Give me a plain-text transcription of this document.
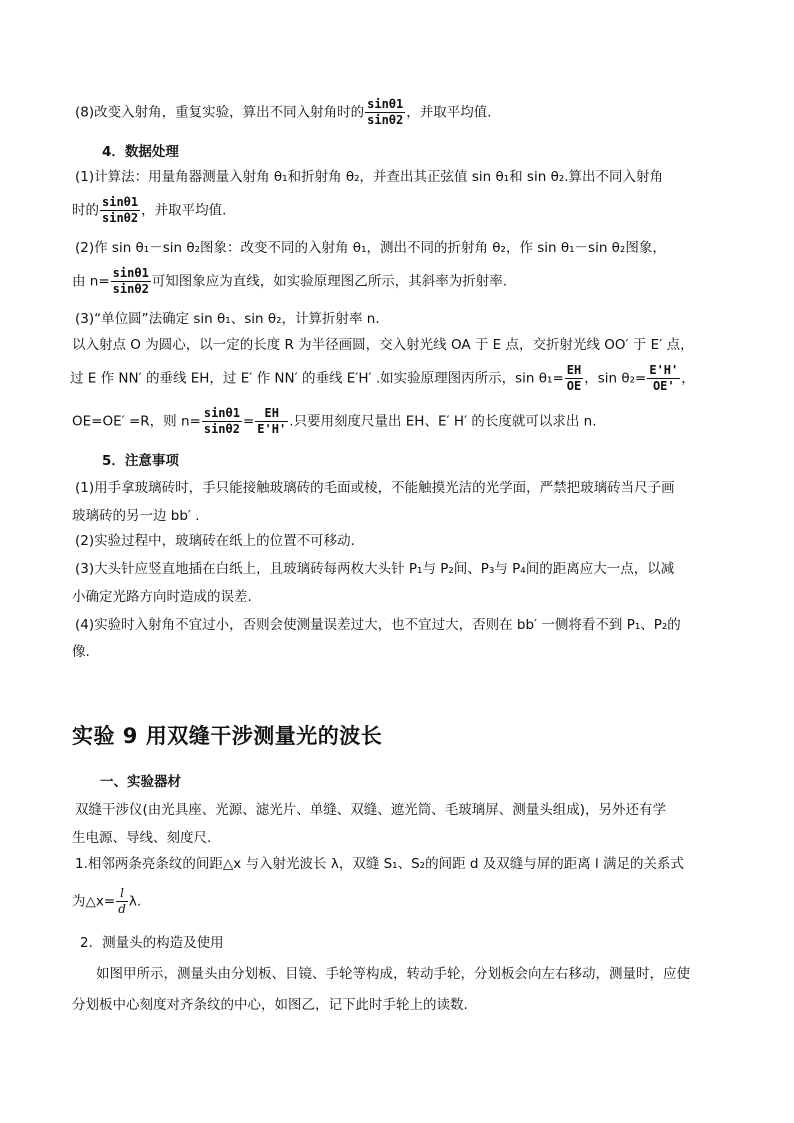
(8)改变入射角，重复实验，算出不同入射角时的 $\frac{\sin\theta 1}{\sin\theta 2}$ ，并取平均值.
4．数据处理
(1)计算法：用量角器测量入射角 θ₁和折射角 θ₂，并查出其正弦值 sin θ₁和 sin θ₂.算出不同入射角
时的 $\frac{\sin\theta 1}{\sin\theta 2}$ ，并取平均值.
(2)作 sin θ₁－sin θ₂图象：改变不同的入射角 θ₁，测出不同的折射角 θ₂，作 sin θ₁－sin θ₂图象，
由 $n= \frac{\sin\theta 1}{\sin\theta 2}$ 可知图象应为直线，如实验原理图乙所示，其斜率为折射率.
(3)“单位圆”法确定 sin θ₁、sin θ₂，计算折射率 n.
以入射点 O 为圆心，以一定的长度 R 为半径画圆，交入射光线 OA 于 E 点，交折射光线 OO′ 于 E′ 点，
过 E 作 NN′ 的垂线 EH，过 E′ 作 NN′ 的垂线 E′H′ .如实验原理图丙所示，$\sin \theta_1= \frac{EH}{OE}$ ，$\sin \theta_2= \frac{E'H'}{OE'}$ ，
OE=OE′ =R，则 $n= \frac{\sin\theta 1}{\sin\theta 2} = \frac{EH}{E'H'}$ .只要用刻度尺量出 EH、E′ H′ 的长度就可以求出 n.
5．注意事项
(1)用手拿玻璃砖时，手只能接触玻璃砖的毛面或棱，不能触摸光洁的光学面，严禁把玻璃砖当尺子画
玻璃砖的另一边 bb′ .
(2)实验过程中，玻璃砖在纸上的位置不可移动.
(3)大头针应竖直地插在白纸上，且玻璃砖每两枚大头针 P₁与 P₂间、P₃与 P₄间的距离应大一点，以减
小确定光路方向时造成的误差.
(4)实验时入射角不宜过小，否则会使测量误差过大，也不宜过大，否则在 bb′ 一侧将看不到 P₁、P₂的
像.
实验 9 用双缝干涉测量光的波长
一、实验器材
双缝干涉仪(由光具座、光源、滤光片、单缝、双缝、遮光筒、毛玻璃屏、测量头组成)，另外还有学
生电源、导线、刻度尺.
1.相邻两条亮条纹的间距△x 与入射光波长 λ，双缝 S₁、S₂的间距 d 及双缝与屏的距离 l 满足的关系式
为△x= $\frac{l}{d} \lambda$.
2．测量头的构造及使用
如图甲所示，测量头由分划板、目镜、手轮等构成，转动手轮，分划板会向左右移动，测量时，应使
分划板中心刻度对齐条纹的中心，如图乙，记下此时手轮上的读数.
